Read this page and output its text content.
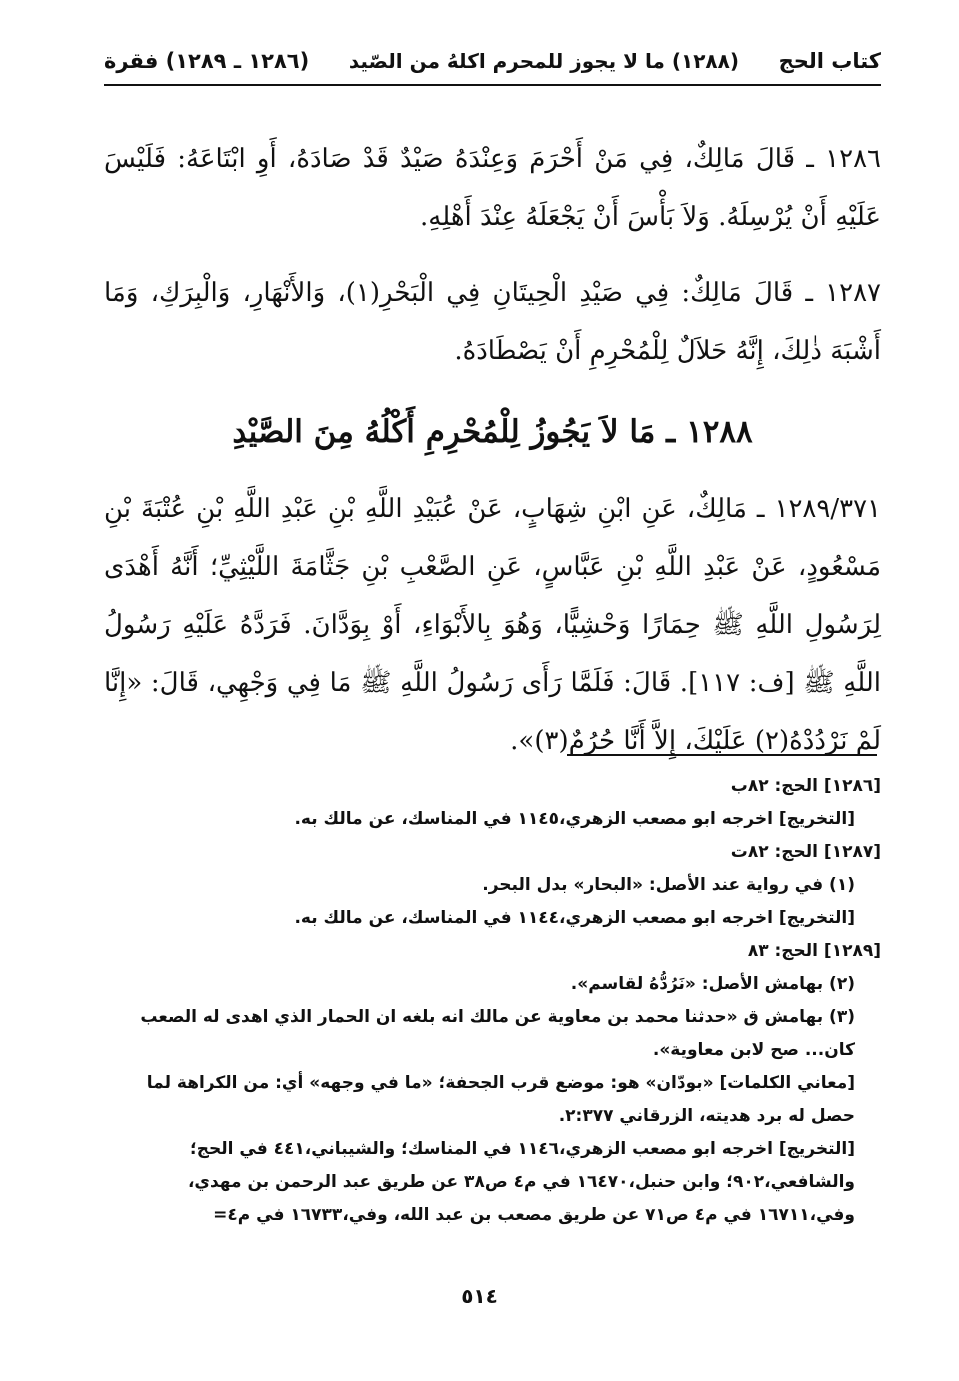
كتاب الحج
(١٢٨٨) ما لا يجوز للمحرم اكلهُ من الصّيد
(١٢٨٦ ـ ١٢٨٩) فقرة

١٢٨٦ ـ قَالَ مَالِكٌ، فِي مَنْ أَحْرَمَ وَعِنْدَهُ صَيْدٌ قَدْ صَادَهُ، أَوِ ابْتَاعَهُ: فَلَيْسَ عَلَيْهِ أَنْ يُرْسِلَهُ. وَلاَ بَأْسَ أَنْ يَجْعَلَهُ عِنْدَ أَهْلِهِ.

١٢٨٧ ـ قَالَ مَالِكٌ: فِي صَيْدِ الْحِيتَانِ فِي الْبَحْرِ(١)، وَالأَنْهَارِ، وَالْبِرَكِ، وَمَا أَشْبَهَ ذٰلِكَ، إِنَّهُ حَلاَلٌ لِلْمُحْرِمِ أَنْ يَصْطَادَهُ.

١٢٨٨ ـ مَا لاَ يَجُوزُ لِلْمُحْرِمِ أَكْلُهُ مِنَ الصَّيْدِ

١٢٨٩/٣٧١ ـ مَالِكٌ، عَنِ ابْنِ شِهَابٍ، عَنْ عُبَيْدِ اللَّهِ بْنِ عَبْدِ اللَّهِ بْنِ عُتْبَةَ بْنِ مَسْعُودٍ، عَنْ عَبْدِ اللَّهِ بْنِ عَبَّاسٍ، عَنِ الصَّعْبِ بْنِ جَثَّامَةَ اللَّيْثِيِّ؛ أَنَّهُ أَهْدَى لِرَسُولِ اللَّهِ ﷺ حِمَارًا وَحْشِيًّا، وَهُوَ بِالأَبْوَاءِ، أَوْ بِوَدَّانَ. فَرَدَّهُ عَلَيْهِ رَسُولُ اللَّهِ ﷺ [ف: ١١٧]. قَالَ: فَلَمَّا رَأَى رَسُولُ اللَّهِ ﷺ مَا فِي وَجْهِي، قَالَ: «إِنَّا لَمْ نَرْدُدْهُ(٢) عَلَيْكَ، إِلاَّ أَنَّا حُرُمٌ(٣)».

[١٢٨٦] الحج: ٨٢ب
[التخريج] اخرجه ابو مصعب الزهري،١١٤٥ في المناسك، عن مالك به.
[١٢٨٧] الحج: ٨٢ت
(١) في رواية عند الأصل: «البحار» بدل البحر.
[التخريج] اخرجه ابو مصعب الزهري،١١٤٤ في المناسك، عن مالك به.
[١٢٨٩] الحج: ٨٣
(٢) بهامش الأصل: «نَرُدُّهُ لقاسم».
(٣) بهامش ق «حدثنا محمد بن معاوية عن مالك انه بلغه ان الحمار الذي اهدى له الصعب كان... صح لابن معاوية».
[معاني الكلمات] «بودّان» هو: موضع قرب الجحفة؛ «ما في وجهه» أي: من الكراهة لما حصل له برد هديته، الزرقاني ٢:٣٧٧.
[التخريج] اخرجه ابو مصعب الزهري،١١٤٦ في المناسك؛ والشيباني،٤٤١ في الحج؛ والشافعي،٩٠٢؛ وابن حنبل،١٦٤٧٠ في م٤ ص٣٨ عن طريق عبد الرحمن بن مهدي، وفي،١٦٧١١ في م٤ ص٧١ عن طريق مصعب بن عبد الله، وفي،١٦٧٣٣ في م٤=
٥١٤
